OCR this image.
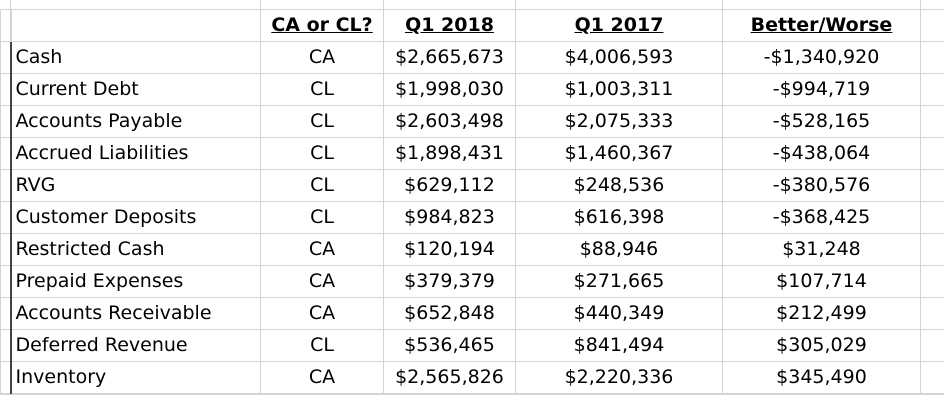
		CA or CL?	Q1 2018	Q1 2017	Better/Worse	
	Cash	CA	$2,665,673	$4,006,593	-$1,340,920	
	Current Debt	CL	$1,998,030	$1,003,311	-$994,719	
	Accounts Payable	CL	$2,603,498	$2,075,333	-$528,165	
	Accrued Liabilities	CL	$1,898,431	$1,460,367	-$438,064	
	RVG	CL	$629,112	$248,536	-$380,576	
	Customer Deposits	CL	$984,823	$616,398	-$368,425	
	Restricted Cash	CA	$120,194	$88,946	$31,248	
	Prepaid Expenses	CA	$379,379	$271,665	$107,714	
	Accounts Receivable	CA	$652,848	$440,349	$212,499	
	Deferred Revenue	CL	$536,465	$841,494	$305,029	
	Inventory	CA	$2,565,826	$2,220,336	$345,490	
